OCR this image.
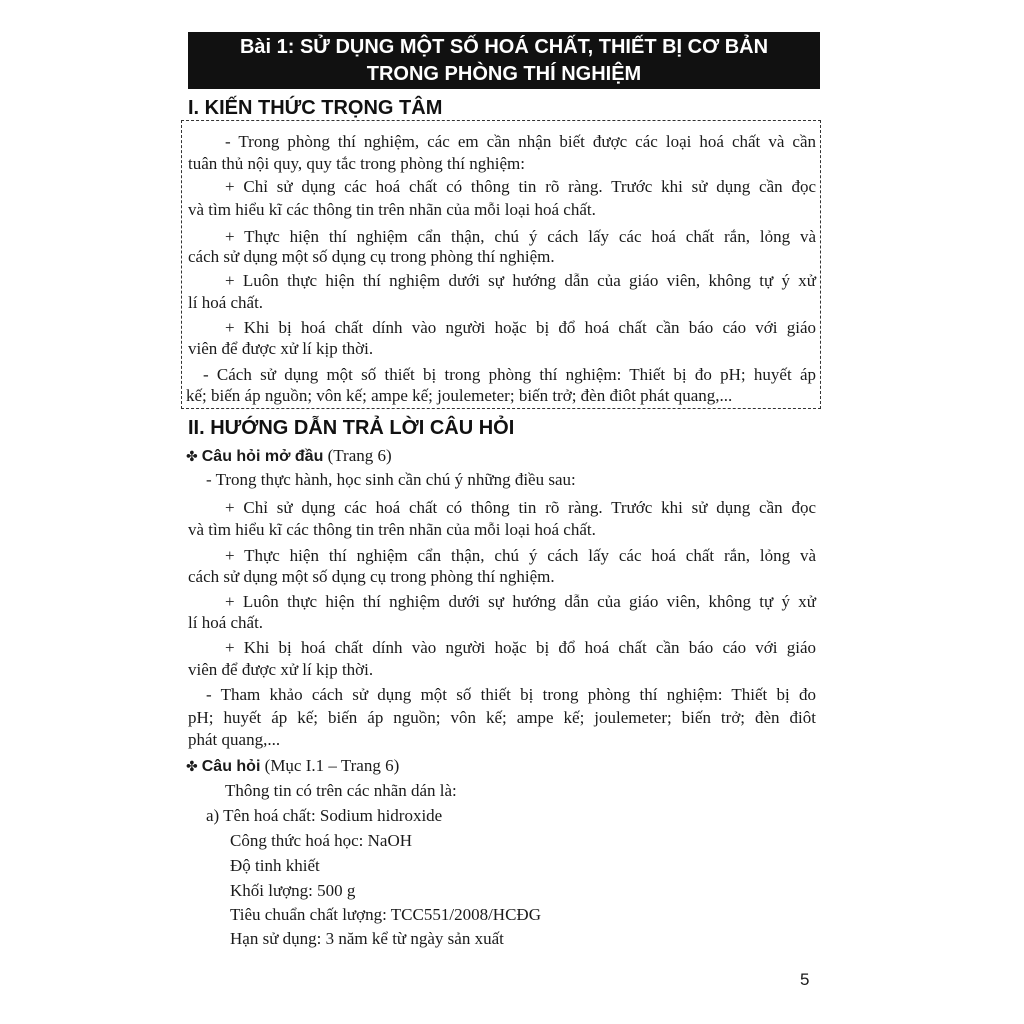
Bài 1: SỬ DỤNG MỘT SỐ HOÁ CHẤT, THIẾT BỊ CƠ BẢN
TRONG PHÒNG THÍ NGHIỆM
I. KIẾN THỨC TRỌNG TÂM
- Trong phòng thí nghiệm, các em cần nhận biết được các loại hoá chất và cần
tuân thủ nội quy, quy tắc trong phòng thí nghiệm:
+ Chỉ sử dụng các hoá chất có thông tin rõ ràng. Trước khi sử dụng cần đọc
và tìm hiểu kĩ các thông tin trên nhãn của mỗi loại hoá chất.
+ Thực hiện thí nghiệm cẩn thận, chú ý cách lấy các hoá chất rắn, lỏng và
cách sử dụng một số dụng cụ trong phòng thí nghiệm.
+ Luôn thực hiện thí nghiệm dưới sự hướng dẫn của giáo viên, không tự ý xử
lí hoá chất.
+ Khi bị hoá chất dính vào người hoặc bị đổ hoá chất cần báo cáo với giáo
viên để được xử lí kịp thời.
- Cách sử dụng một số thiết bị trong phòng thí nghiệm: Thiết bị đo pH; huyết áp
kế; biến áp nguồn; vôn kế; ampe kế; joulemeter; biến trở; đèn điôt phát quang,...
II. HƯỚNG DẪN TRẢ LỜI CÂU HỎI
✤ Câu hỏi mở đầu (Trang 6)
- Trong thực hành, học sinh cần chú ý những điều sau:
+ Chỉ sử dụng các hoá chất có thông tin rõ ràng. Trước khi sử dụng cần đọc
và tìm hiểu kĩ các thông tin trên nhãn của mỗi loại hoá chất.
+ Thực hiện thí nghiệm cẩn thận, chú ý cách lấy các hoá chất rắn, lỏng và
cách sử dụng một số dụng cụ trong phòng thí nghiệm.
+ Luôn thực hiện thí nghiệm dưới sự hướng dẫn của giáo viên, không tự ý xử
lí hoá chất.
+ Khi bị hoá chất dính vào người hoặc bị đổ hoá chất cần báo cáo với giáo
viên để được xử lí kịp thời.
- Tham khảo cách sử dụng một số thiết bị trong phòng thí nghiệm: Thiết bị đo
pH; huyết áp kế; biến áp nguồn; vôn kế; ampe kế; joulemeter; biến trở; đèn điôt
phát quang,...
✤ Câu hỏi (Mục I.1 – Trang 6)
Thông tin có trên các nhãn dán là:
a) Tên hoá chất: Sodium hidroxide
Công thức hoá học: NaOH
Độ tinh khiết
Khối lượng: 500 g
Tiêu chuẩn chất lượng: TCC551/2008/HCĐG
Hạn sử dụng: 3 năm kể từ ngày sản xuất
5
